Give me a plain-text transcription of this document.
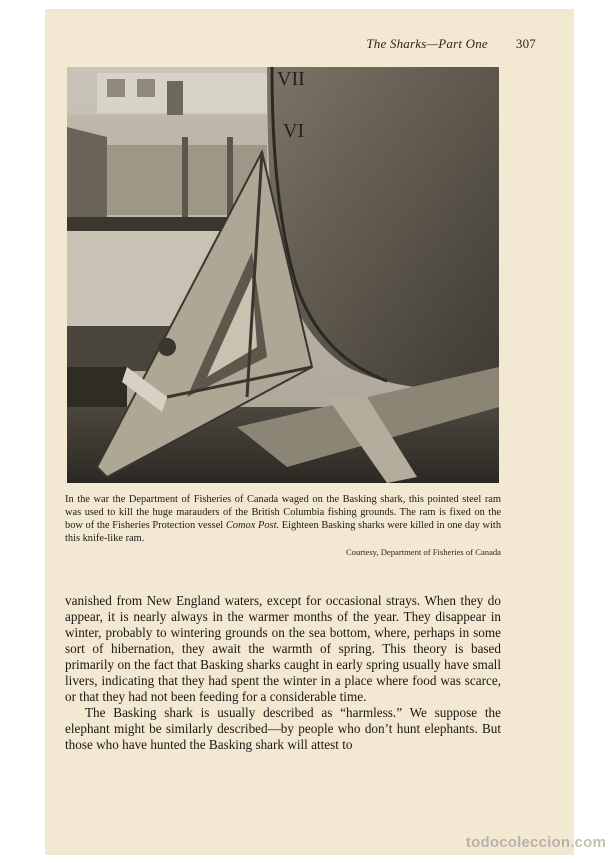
The Sharks—Part One 307
VII
VI
In the war the Department of Fisheries of Canada waged on the Basking shark, this pointed steel ram was used to kill the huge marauders of the British Columbia fishing grounds. The ram is fixed on the bow of the Fisheries Protection vessel Comox Post. Eighteen Basking sharks were killed in one day with this knife-like ram.
Courtesy, Department of Fisheries of Canada

vanished from New England waters, except for occasional strays. When they do appear, it is nearly always in the warmer months of the year. They disappear in winter, probably to wintering grounds on the sea bottom, where, perhaps in some sort of hibernation, they await the warmth of spring. This theory is based primarily on the fact that Basking sharks caught in early spring usually have small livers, indicating that they had spent the winter in a place where food was scarce, or that they had not been feeding for a considerable time.

The Basking shark is usually described as “harmless.” We suppose the elephant might be similarly described—by people who don’t hunt elephants. But those who have hunted the Basking shark will attest to

todocoleccion.com
